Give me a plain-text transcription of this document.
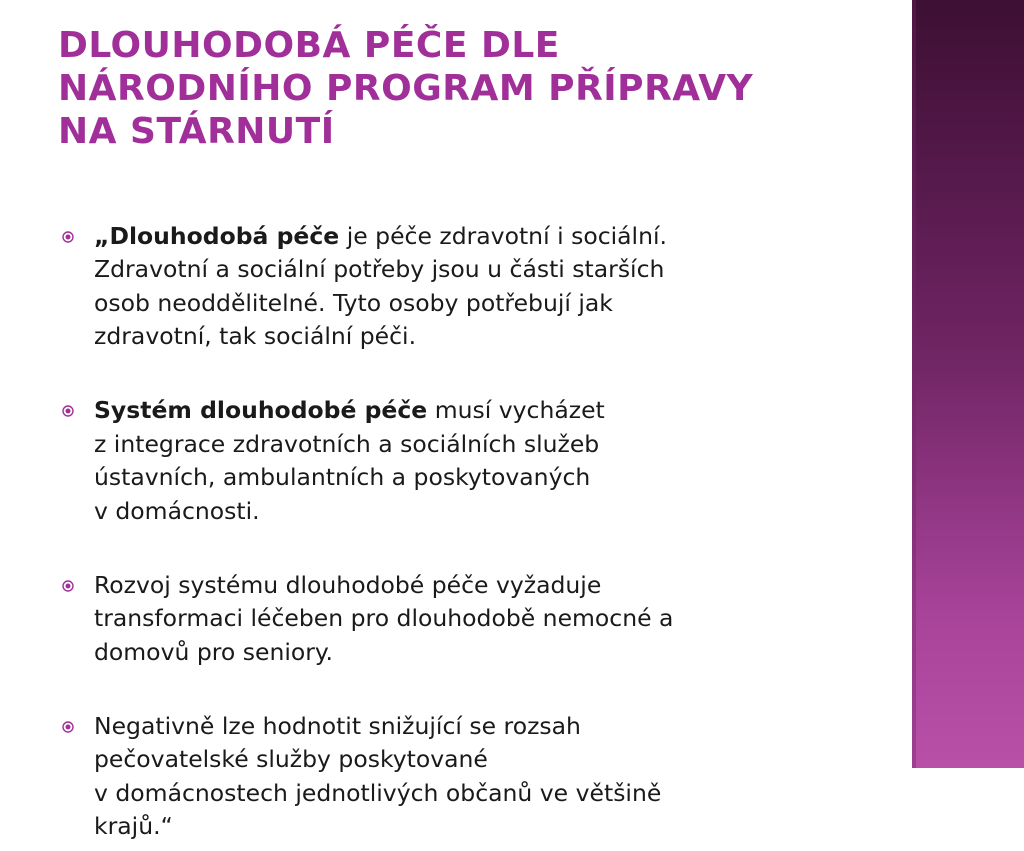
DLOUHODOBÁ PÉČE DLE
NÁRODNÍHO PROGRAM PŘÍPRAVY
NA STÁRNUTÍ

„Dlouhodobá péče je péče zdravotní i sociální.
Zdravotní a sociální potřeby jsou u části starších
osob neoddělitelné. Tyto osoby potřebují jak
zdravotní, tak sociální péči.

Systém dlouhodobé péče musí vycházet
z integrace zdravotních a sociálních služeb
ústavních, ambulantních a poskytovaných
v domácnosti.

Rozvoj systému dlouhodobé péče vyžaduje
transformaci léčeben pro dlouhodobě nemocné a
domovů pro seniory.

Negativně lze hodnotit snižující se rozsah
pečovatelské služby poskytované
v domácnostech jednotlivých občanů ve většině
krajů.“
